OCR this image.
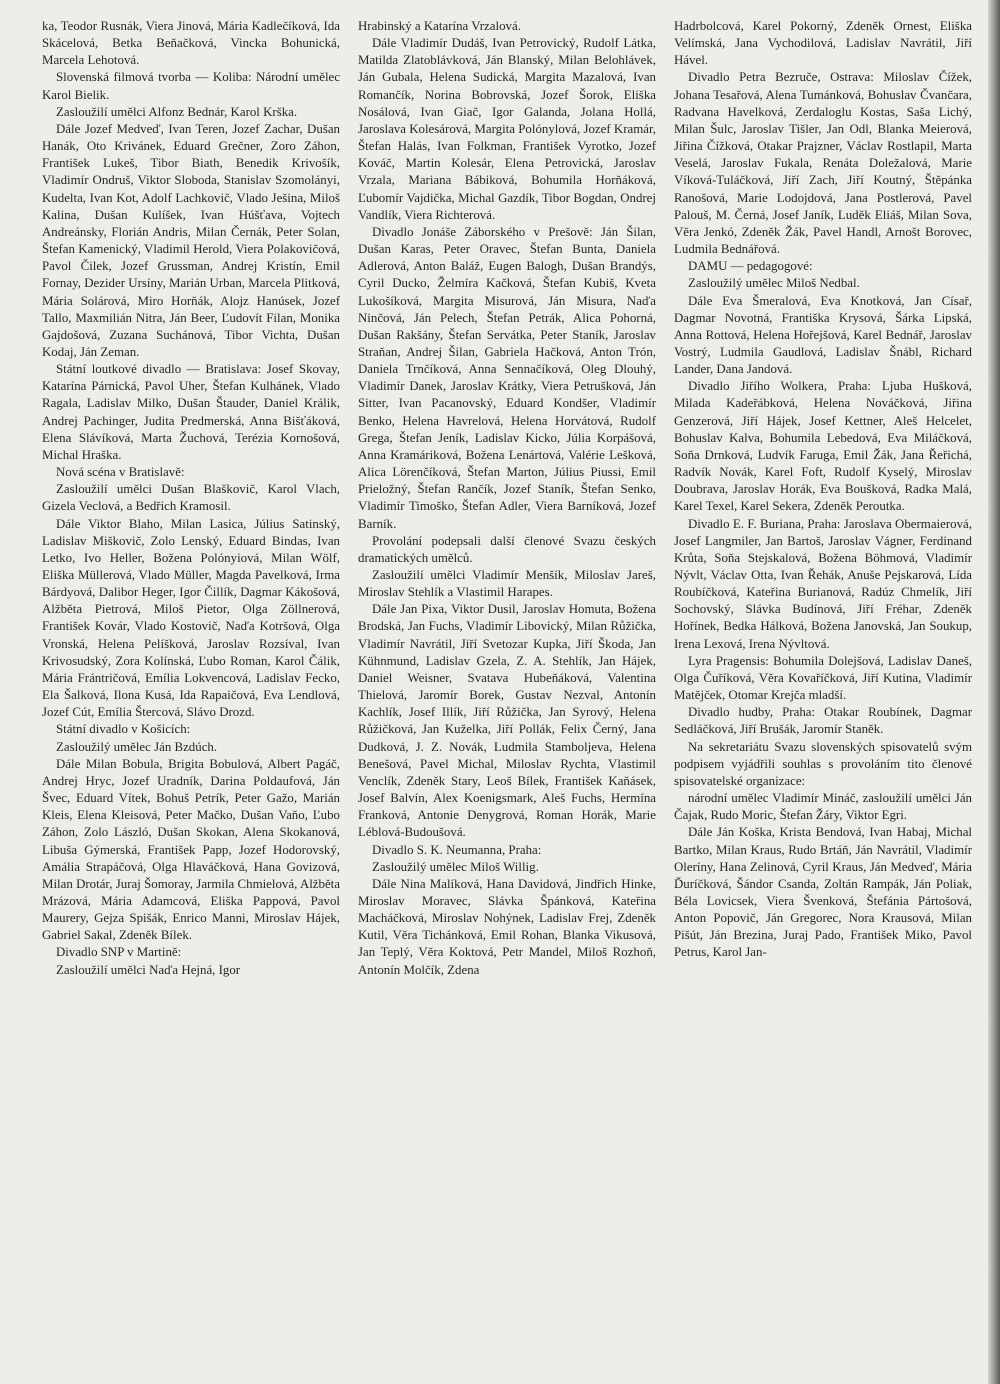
ka, Teodor Rusnák, Viera Jinová, Mária Kadlečíková, Ida Skácelová, Betka Beňačková, Vincka Bohunická, Marcela Lehotová.

Slovenská filmová tvorba — Koliba: Národní umělec Karol Bielik.

Zasloužilí umělci Alfonz Bednár, Karol Krška.

Dále Jozef Medveď, Ivan Teren, Jozef Zachar, Dušan Hanák, Oto Krivánek, Eduard Grečner, Zoro Záhon, František Lukeš, Tibor Biath, Benedik Krivošík, Vladimír Ondruš, Viktor Sloboda, Stanislav Szomolányi, Kudelta, Ivan Kot, Adolf Lachkovič, Vlado Ješina, Miloš Kalina, Dušan Kulíšek, Ivan Húšťava, Vojtech Andreánsky, Florián Andris, Milan Černák, Peter Solan, Štefan Kamenický, Vladimil Herold, Viera Polakovičová, Pavol Čilek, Jozef Grussman, Andrej Kristín, Emil Fornay, Dezider Ursíny, Marián Urban, Marcela Plitková, Mária Solárová, Miro Horňák, Alojz Hanúsek, Jozef Tallo, Maxmilián Nitra, Ján Beer, Ľudovít Filan, Monika Gajdošová, Zuzana Suchánová, Tibor Vichta, Dušan Kodaj, Ján Zeman.

Státní loutkové divadlo — Bratislava: Josef Skovay, Katarína Párnická, Pavol Uher, Štefan Kulhánek, Vlado Ragala, Ladislav Milko, Dušan Štauder, Daniel Králik, Andrej Pachinger, Judita Predmerská, Anna Bišťáková, Elena Slávíková, Marta Žuchová, Terézia Kornošová, Michal Hraška.

Nová scéna v Bratislavě:

Zasloužilí umělci Dušan Blaškovič, Karol Vlach, Gizela Veclová, a Bedřich Kramosil.

Dále Viktor Blaho, Milan Lasica, Július Satinský, Ladislav Miškovič, Zolo Lenský, Eduard Bindas, Ivan Letko, Ivo Heller, Božena Polónyiová, Milan Wölf, Eliška Müllerová, Vlado Müller, Magda Pavelková, Irma Bárdyová, Dalibor Heger, Igor Čillík, Dagmar Kákošová, Alžběta Pietrová, Miloš Pietor, Olga Zöllnerová, František Kovár, Vlado Kostovič, Naďa Kotršová, Olga Vronská, Helena Pelíšková, Jaroslav Rozsíval, Ivan Krivosudský, Zora Kolínská, Ľubo Roman, Karol Čálik, Mária Frántričová, Emília Lokvencová, Ladislav Fecko, Ela Šalková, Ilona Kusá, Ida Rapaičová, Eva Lendlová, Jozef Cút, Emília Štercová, Slávo Drozd.

Státní divadlo v Košicích:

Zasloužilý umělec Ján Bzdúch.

Dále Milan Bobula, Brigita Bobulová, Albert Pagáč, Andrej Hryc, Jozef Uradník, Darina Poldaufová, Ján Švec, Eduard Vítek, Bohuš Petrík, Peter Gažo, Marián Kleis, Elena Kleisová, Peter Mačko, Dušan Vaňo, Ľubo Záhon, Zolo László, Dušan Skokan, Alena Skokanová, Libuša Gýmerská, František Papp, Jozef Hodorovský, Amália Strapáčová, Olga Hlaváčková, Hana Govizová, Milan Drotár, Juraj Šomoray, Jarmila Chmielová, Alžběta Mrázová, Mária Adamcová, Eliška Pappová, Pavol Maurery, Gejza Spišák, Enrico Manni, Miroslav Hájek, Gabriel Sakal, Zdeněk Bílek.

Divadlo SNP v Martině:

Zasloužilí umělci Naďa Hejná, Igor

Hrabinský a Katarína Vrzalová.

Dále Vladimír Dudáš, Ivan Petrovický, Rudolf Látka, Matilda Zlatoblávková, Ján Blanský, Milan Belohlávek, Ján Gubala, Helena Sudická, Margita Mazalová, Ivan Romančík, Norina Bobrovská, Jozef Šorok, Eliška Nosálová, Ivan Giač, Igor Galanda, Jolana Hollá, Jaroslava Kolesárová, Margita Polónylová, Jozef Kramár, Štefan Halás, Ivan Folkman, František Vyrotko, Jozef Kováč, Martin Kolesár, Elena Petrovická, Jaroslav Vrzala, Mariana Bábiková, Bohumila Horňáková, Ľubomír Vajdička, Michal Gazdík, Tibor Bogdan, Ondrej Vandlík, Viera Richterová.

Divadlo Jonáše Záborského v Prešově: Ján Šilan, Dušan Karas, Peter Oravec, Štefan Bunta, Daniela Adlerová, Anton Baláž, Eugen Balogh, Dušan Brandýs, Cyril Ducko, Želmíra Kačková, Štefan Kubiš, Kveta Lukošíková, Margita Misurová, Ján Misura, Naďa Ninčová, Ján Pelech, Štefan Petrák, Alica Pohorná, Dušan Rakšány, Štefan Servátka, Peter Staník, Jaroslav Straňan, Andrej Šilan, Gabriela Hačková, Anton Trón, Daniela Trnčíková, Anna Sennačíková, Oleg Dlouhý, Vladimír Danek, Jaroslav Krátky, Viera Petrušková, Ján Sitter, Ivan Pacanovský, Eduard Kondšer, Vladimír Benko, Helena Havrelová, Helena Horvátová, Rudolf Grega, Štefan Jeník, Ladislav Kicko, Júlia Korpášová, Anna Kramáriková, Božena Lenártová, Valérie Lešková, Alica Lörenčíková, Štefan Marton, Július Piussi, Emil Prieložný, Štefan Rančík, Jozef Staník, Štefan Senko, Vladimír Timoško, Štefan Adler, Viera Barníková, Jozef Barník.

Provolání podepsali další členové Svazu českých dramatických umělců.

Zasloužilí umělci Vladimír Menšík, Miloslav Jareš, Miroslav Stehlík a Vlastimil Harapes.

Dále Jan Pixa, Viktor Dusil, Jaroslav Homuta, Božena Brodská, Jan Fuchs, Vladimír Libovický, Milan Růžička, Vladimír Navrátil, Jiří Svetozar Kupka, Jiří Škoda, Jan Kühnmund, Ladislav Gzela, Z. A. Stehlík, Jan Hájek, Daniel Weisner, Svatava Hubeňáková, Valentina Thielová, Jaromír Borek, Gustav Nezval, Antonín Kachlík, Josef Illík, Jiří Růžička, Jan Syrový, Helena Růžičková, Jan Kuželka, Jiří Pollák, Felix Černý, Jana Dudková, J. Z. Novák, Ludmila Stamboljeva, Helena Benešová, Pavel Michal, Miloslav Rychta, Vlastimil Venclík, Zdeněk Stary, Leoš Bílek, František Kaňásek, Josef Balvín, Alex Koenigsmark, Aleš Fuchs, Hermína Franková, Antonie Denygrová, Roman Horák, Marie Léblová-Budoušová.

Divadlo S. K. Neumanna, Praha:

Zasloužilý umělec Miloš Willig.

Dále Nina Malíková, Hana Davidová, Jindřich Hinke, Miroslav Moravec, Slávka Špánková, Kateřina Macháčková, Miroslav Nohýnek, Ladislav Frej, Zdeněk Kutil, Věra Tichánková, Emil Rohan, Blanka Vikusová, Jan Teplý, Věra Koktová, Petr Mandel, Miloš Rozhoň, Antonín Molčík, Zdena

Hadrbolcová, Karel Pokorný, Zdeněk Ornest, Eliška Velímská, Jana Vychodilová, Ladislav Navrátil, Jiří Hável.

Divadlo Petra Bezruče, Ostrava: Miloslav Čížek, Johana Tesařová, Alena Tumánková, Bohuslav Čvančara, Radvana Havelková, Zerdaloglu Kostas, Saša Lichý, Milan Šulc, Jaroslav Tišler, Jan Odl, Blanka Meierová, Jiřina Čížková, Otakar Prajzner, Václav Rostlapil, Marta Veselá, Jaroslav Fukala, Renáta Doležalová, Marie Víková-Tuláčková, Jiří Zach, Jiří Koutný, Štěpánka Ranošová, Marie Lodojdová, Jana Postlerová, Pavel Palouš, M. Černá, Josef Janík, Luděk Eliáš, Milan Sova, Věra Jenkó, Zdeněk Žák, Pavel Handl, Arnošt Borovec, Ludmila Bednářová.

DAMU — pedagogové:

Zasloužilý umělec Miloš Nedbal.

Dále Eva Šmeralová, Eva Knotková, Jan Císař, Dagmar Novotná, Františka Krysová, Šárka Lipská, Anna Rottová, Helena Hořejšová, Karel Bednář, Jaroslav Vostrý, Ludmila Gaudlová, Ladislav Šnábl, Richard Lander, Dana Jandová.

Divadlo Jiřího Wolkera, Praha: Ljuba Hušková, Milada Kadeřábková, Helena Nováčková, Jiřina Genzerová, Jiří Hájek, Josef Kettner, Aleš Helcelet, Bohuslav Kalva, Bohumila Lebedová, Eva Miláčková, Soňa Drnková, Ludvík Faruga, Emil Žák, Jana Řeřichá, Radvík Novák, Karel Foft, Rudolf Kyselý, Miroslav Doubrava, Jaroslav Horák, Eva Boušková, Radka Malá, Karel Texel, Karel Sekera, Zdeněk Peroutka.

Divadlo E. F. Buriana, Praha: Jaroslava Obermaierová, Josef Langmiler, Jan Bartoš, Jaroslav Vágner, Ferdinand Krůta, Soňa Stejskalová, Božena Böhmová, Vladimír Nývlt, Václav Otta, Ivan Řehák, Anuše Pejskarová, Lída Roubíčková, Kateřina Burianová, Radúz Chmelík, Jiří Sochovský, Slávka Budínová, Jiří Fréhar, Zdeněk Hořínek, Bedka Hálková, Božena Janovská, Jan Soukup, Irena Lexová, Irena Nývltová.

Lyra Pragensis: Bohumila Dolejšová, Ladislav Daneš, Olga Čuříková, Věra Kovaříčková, Jiří Kutina, Vladimír Matějček, Otomar Krejča mladší.

Divadlo hudby, Praha: Otakar Roubínek, Dagmar Sedláčková, Jiří Brušák, Jaromír Staněk.

Na sekretariátu Svazu slovenských spisovatelů svým podpisem vyjádřili souhlas s provoláním tito členové spisovatelské organizace:

národní umělec Vladimír Mináč, zasloužilí umělci Ján Čajak, Rudo Moric, Štefan Žáry, Viktor Egri.

Dále Ján Koška, Krista Bendová, Ivan Habaj, Michal Bartko, Milan Kraus, Rudo Brtáň, Ján Navrátil, Vladimír Oleríny, Hana Zelinová, Cyril Kraus, Ján Medveď, Mária Ďuríčková, Šándor Csanda, Zoltán Rampák, Ján Poliak, Béla Lovicsek, Viera Švenková, Štefánia Pártošová, Anton Popovič, Ján Gregorec, Nora Krausová, Milan Pišút, Ján Brezina, Juraj Pado, František Miko, Pavol Petrus, Karol Jan-
